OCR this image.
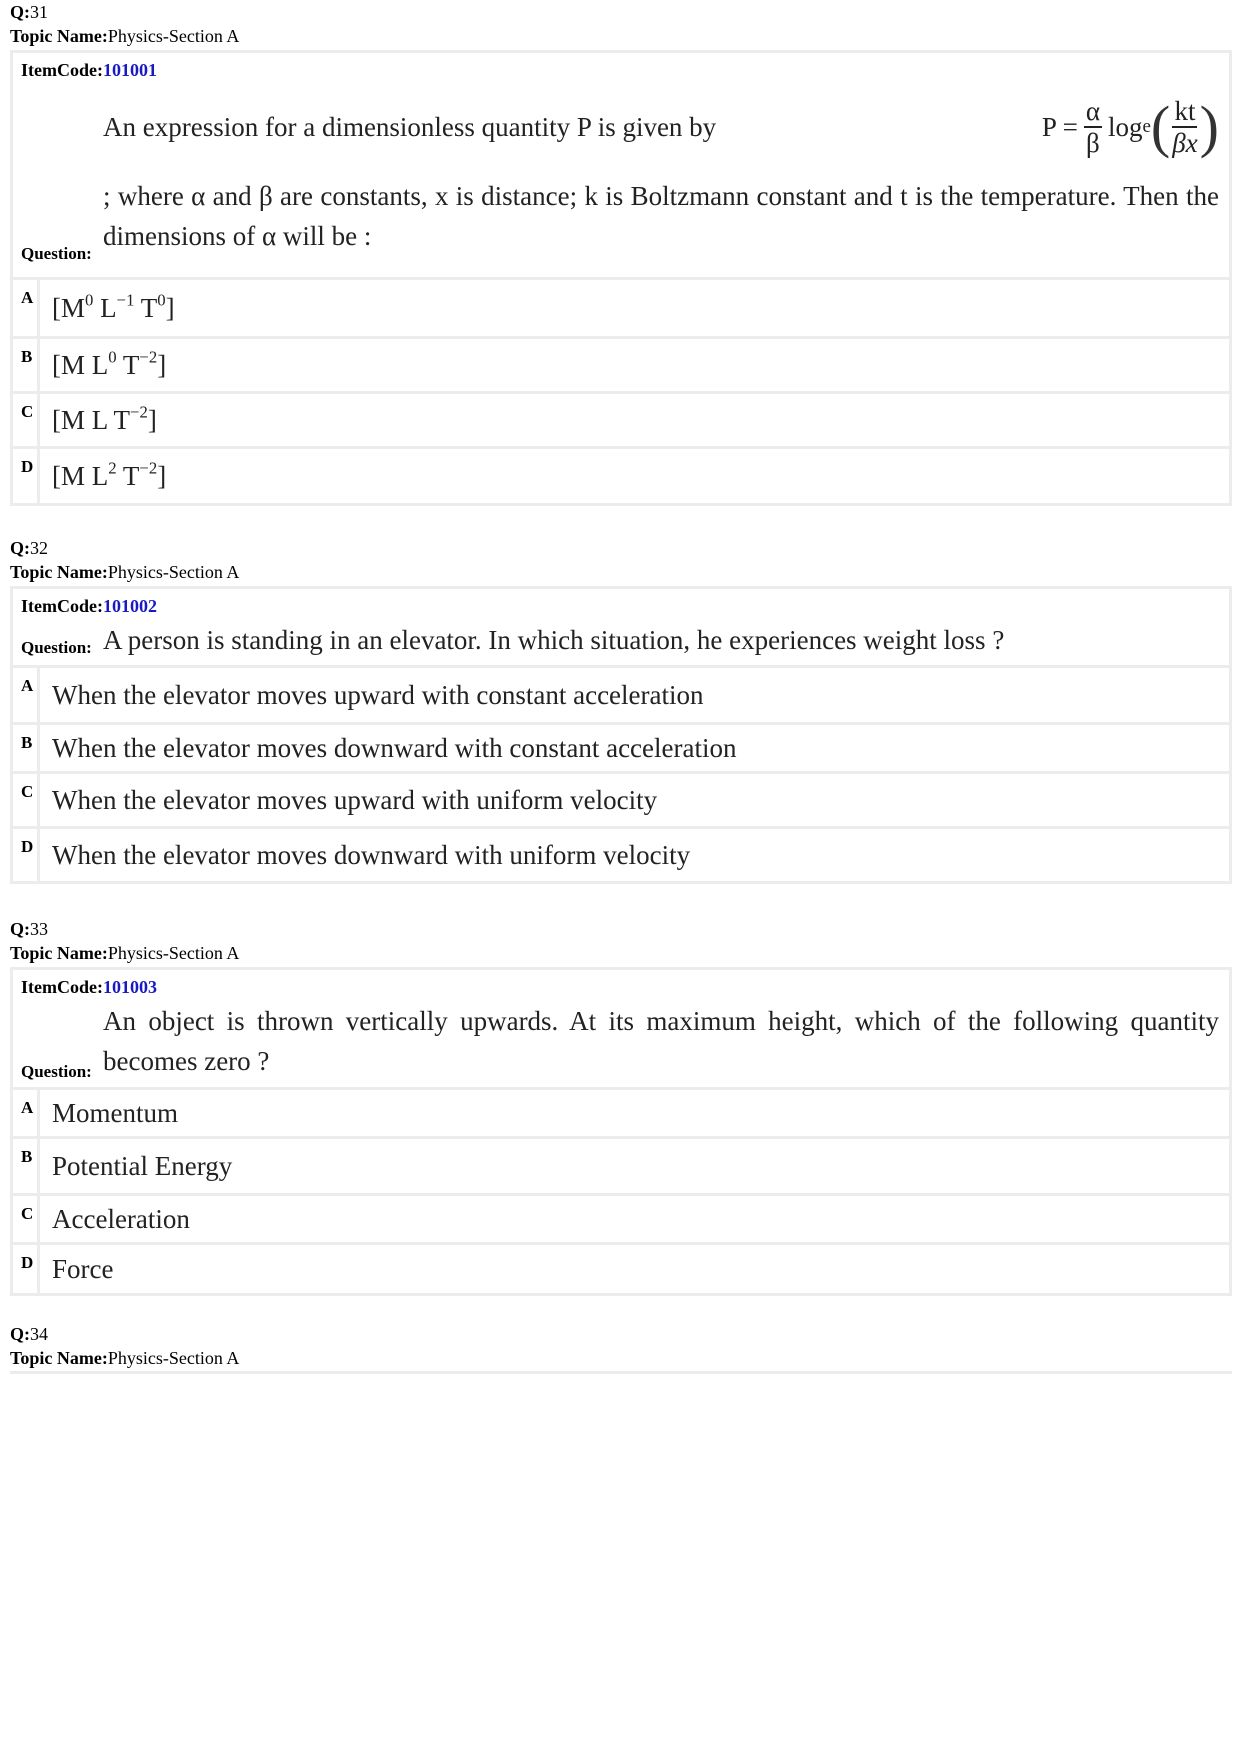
Q:31
Topic Name:Physics-Section A
ItemCode:101001
An expression for a dimensionless quantity P is given by	$P = \frac{\alpha}{\beta}$ log e ( $\frac{kt}{\beta x}$ )
; where α and β are constants, x is distance; k is Boltzmann constant and t is the temperature. Then the dimensions of α will be :
Question:
A [$M^0$ $L^{-1}$ $T^0$]
B [M $L^0$ $T^{-2}$]
C [M L $T^{-2}$]
D [M $L^2$ $T^{-2}$]
Q:32
Topic Name:Physics-Section A
ItemCode:101002
A person is standing in an elevator. In which situation, he experiences weight loss ?
Question:
A When the elevator moves upward with constant acceleration
B When the elevator moves downward with constant acceleration
C When the elevator moves upward with uniform velocity
D When the elevator moves downward with uniform velocity
Q:33
Topic Name:Physics-Section A
ItemCode:101003
An object is thrown vertically upwards. At its maximum height, which of the following quantity becomes zero ?
Question:
A Momentum
B Potential Energy
C Acceleration
D Force
Q:34
Topic Name:Physics-Section A
